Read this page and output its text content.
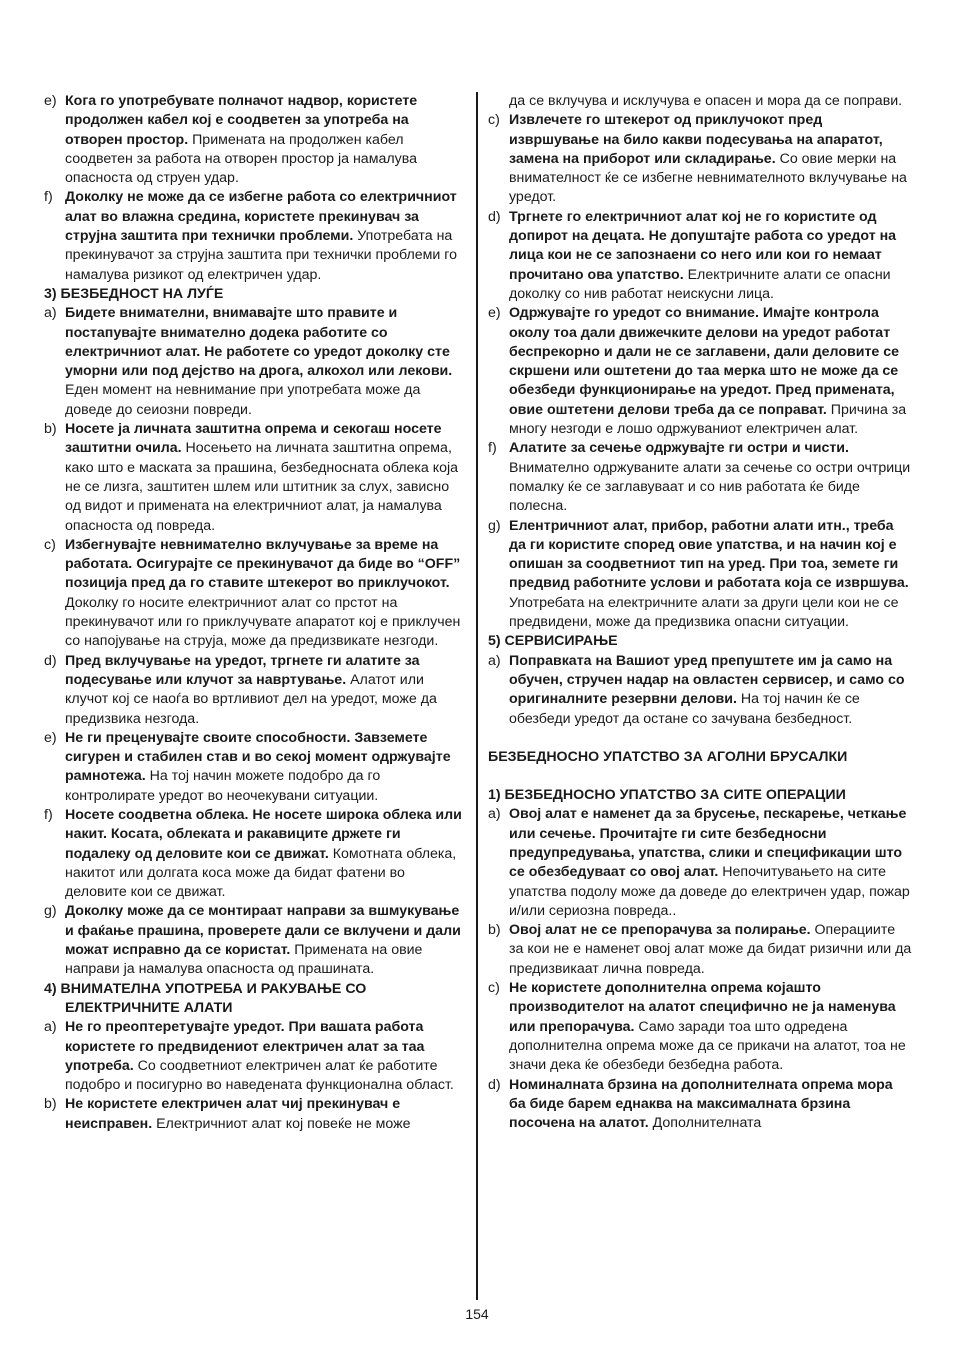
e) Кога го употребувате полначот надвор, користете продолжен кабел кој е соодветен за употреба на отворен простор. Примената на продолжен кабел соодветен за работа на отворен простор ја намалува опасноста од струен удар.
f) Доколку не може да се избегне работа со електричниот алат во влажна средина, користете прекинувач за струјна заштита при технички проблеми. Употребата на прекинувачот за струјна заштита при технички проблеми го намалува ризикот од електричен удар.
3) БЕЗБЕДНОСТ НА ЛУЃЕ
a) Бидете внимателни, внимавајте што правите и постапувајте внимателно додека работите со електричниот алат. Не работете со уредот доколку сте уморни или под дејство на дрога, алкохол или лекови. Еден момент на невнимание при употребата може да доведе до сеиозни повреди.
b) Носете ја личната заштитна опрема и секогаш носете заштитни очила. Носењето на личната заштитна опрема, како што е маската за прашина, безбедносната облека која не се лизга, заштитен шлем или штитник за слух, зависно од видот и примената на електричниот алат, ја намалува опасноста од повреда.
c) Избегнувајте невнимателно вклучување за време на работата. Осигурајте се прекинувачот да биде во “OFF” позиција пред да го ставите штекерот во приклучокот. Доколку го носите електричниот алат со прстот на прекинувачот или го приклучувате апаратот кој е приклучен со напојување на струја, може да предизвикате незгоди.
d) Пред вклучување на уредот, тргнете ги алатите за подесување или клучот за навртување. Алатот или клучот кој се наоѓа во вртливиот дел на уредот, може да предизвика незгода.
e) Не ги преценувајте своите способности. Завземете сигурен и стабилен став и во секој момент одржувајте рамнотежа. На тој начин можете подобро да го контролирате уредот во неочекувани ситуации.
f) Носете соодветна облека. Не носете широка облека или накит. Косата, облеката и ракавиците држете ги подалеку од деловите кои се движат. Комотната облека, накитот или долгата коса може да бидат фатени во деловите кои се движат.
g) Доколку може да се монтираат направи за вшмукување и фаќање прашина, проверете дали се вклучени и дали можат исправно да се користат. Примената на овие направи ја намалува опасноста од прашината.
4) ВНИМАТЕЛНА УПОТРЕБА И РАКУВАЊЕ СО ЕЛЕКТРИЧНИТЕ АЛАТИ
a) Не го преоптеретувајте уредот. При вашата работа користете го предвидениот електричен алат за таа употреба. Со соодветниот електричен алат ќе работите подобро и посигурно во наведената функционална област.
b) Не користете електричен алат чиј прекинувач е неисправен. Електричниот алат кој повеќе не може
да се вклучува и исклучува е опасен и мора да се поправи.
c) Извлечете го штекерот од приклучокот пред извршување на било какви подесувања на апаратот, замена на приборот или складирање. Со овие мерки на внимателност ќе се избегне невнимателното вклучување на уредот.
d) Тргнете го електричниот алат кој не го користите од допирот на децата. Не допуштајте работа со уредот на лица кои не се запознаени со него или кои го немаат прочитано ова упатство. Електричните алати се опасни доколку со нив работат неискусни лица.
e) Одржувајте го уредот со внимание. Имајте контрола околу тоа дали движечките делови на уредот работат беспрекорно и дали не се заглавени, дали деловите се скршени или оштетени до таа мерка што не може да се обезбеди функционирање на уредот. Пред примената, овие оштетени делови треба да се поправат. Причина за многу незгоди е лошо одржуваниот електричен алат.
f) Алатите за сечење одржувајте ги остри и чисти. Внимателно одржуваните алати за сечење со остри очтрици помалку ќе се заглавуваат и со нив работата ќе биде полесна.
g) Елентричниот алат, прибор, работни алати итн., треба да ги користите според овие упатства, и на начин кој е опишан за соодветниот тип на уред. При тоа, земете ги предвид работните услови и работата која се извршува. Употребата на електричните алати за други цели кои не се предвидени, може да предизвика опасни ситуации.
5) СЕРВИСИРАЊЕ
a) Поправката на Вашиот уред препуштете им ја само на обучен, стручен надар на овластен сервисер, и само со оригиналните резервни делови. На тој начин ќе се обезбеди уредот да остане со зачувана безбедност.
БЕЗБЕДНОСНО УПАТСТВО ЗА АГОЛНИ БРУСАЛКИ
1) БЕЗБЕДНОСНО УПАТСТВО ЗА СИТЕ ОПЕРАЦИИ
a) Овој алат е наменет да за брусење, пескарење, четкање или сечење. Прочитајте ги сите безбедносни предупредувања, упатства, слики и спецификации што се обезбедуваат со овој алат. Непочитувањето на сите упатства подолу може да доведе до електричен удар, пожар и/или сериозна повреда..
b) Овој алат не се препорачува за полирање. Операциите за кои не е наменет овој алат може да бидат ризични или да предизвикаат лична повреда.
c) Не користете дополнителна опрема којашто производителот на алатот специфично не ја наменува или препорачува. Само заради тоа што одредена дополнителна опрема може да се прикачи на алатот, тоа не значи дека ќе обезбеди безбедна работа.
d) Номиналната брзина на дополнителната опрема мора ба биде барем еднаква на максималната брзина посочена на алатот. Дополнителната
154
